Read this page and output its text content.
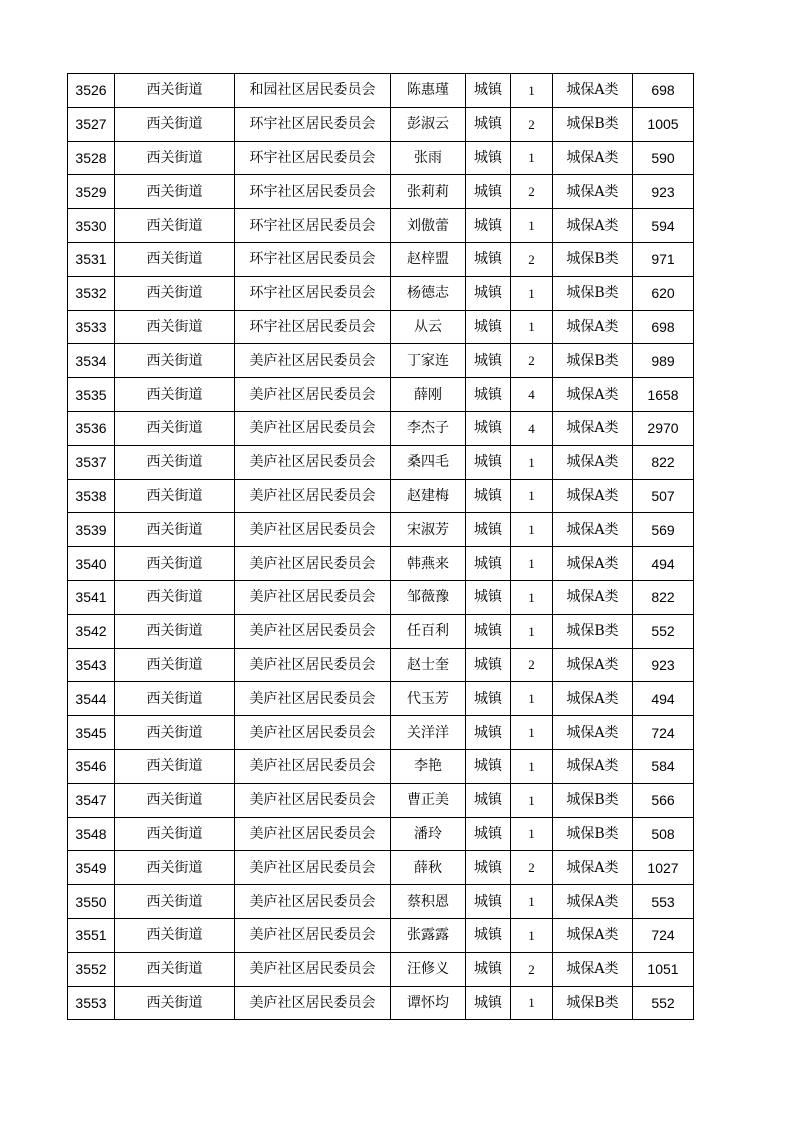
3526	西关街道	和园社区居民委员会	陈惠瑾	城镇	1	城保A类	698
3527	西关街道	环宇社区居民委员会	彭淑云	城镇	2	城保B类	1005
3528	西关街道	环宇社区居民委员会	张雨	城镇	1	城保A类	590
3529	西关街道	环宇社区居民委员会	张莉莉	城镇	2	城保A类	923
3530	西关街道	环宇社区居民委员会	刘傲蕾	城镇	1	城保A类	594
3531	西关街道	环宇社区居民委员会	赵梓盟	城镇	2	城保B类	971
3532	西关街道	环宇社区居民委员会	杨德志	城镇	1	城保B类	620
3533	西关街道	环宇社区居民委员会	从云	城镇	1	城保A类	698
3534	西关街道	美庐社区居民委员会	丁家连	城镇	2	城保B类	989
3535	西关街道	美庐社区居民委员会	薛刚	城镇	4	城保A类	1658
3536	西关街道	美庐社区居民委员会	李杰子	城镇	4	城保A类	2970
3537	西关街道	美庐社区居民委员会	桑四毛	城镇	1	城保A类	822
3538	西关街道	美庐社区居民委员会	赵建梅	城镇	1	城保A类	507
3539	西关街道	美庐社区居民委员会	宋淑芳	城镇	1	城保A类	569
3540	西关街道	美庐社区居民委员会	韩燕来	城镇	1	城保A类	494
3541	西关街道	美庐社区居民委员会	邹薇豫	城镇	1	城保A类	822
3542	西关街道	美庐社区居民委员会	任百利	城镇	1	城保B类	552
3543	西关街道	美庐社区居民委员会	赵士奎	城镇	2	城保A类	923
3544	西关街道	美庐社区居民委员会	代玉芳	城镇	1	城保A类	494
3545	西关街道	美庐社区居民委员会	关洋洋	城镇	1	城保A类	724
3546	西关街道	美庐社区居民委员会	李艳	城镇	1	城保A类	584
3547	西关街道	美庐社区居民委员会	曹正美	城镇	1	城保B类	566
3548	西关街道	美庐社区居民委员会	潘玲	城镇	1	城保B类	508
3549	西关街道	美庐社区居民委员会	薛秋	城镇	2	城保A类	1027
3550	西关街道	美庐社区居民委员会	蔡积恩	城镇	1	城保A类	553
3551	西关街道	美庐社区居民委员会	张露露	城镇	1	城保A类	724
3552	西关街道	美庐社区居民委员会	汪修义	城镇	2	城保A类	1051
3553	西关街道	美庐社区居民委员会	谭怀均	城镇	1	城保B类	552
